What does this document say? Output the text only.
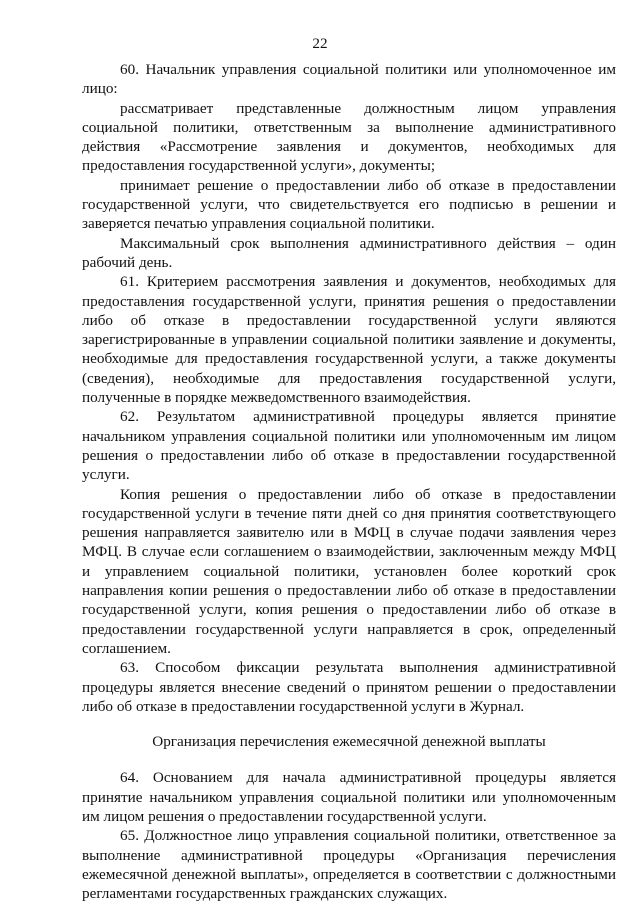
22

60. Начальник управления социальной политики или уполномоченное им лицо:

рассматривает представленные должностным лицом управления социальной политики, ответственным за выполнение административного действия «Рассмотрение заявления и документов, необходимых для предоставления государственной услуги», документы;

принимает решение о предоставлении либо об отказе в предоставлении государственной услуги, что свидетельствуется его подписью в решении и заверяется печатью управления социальной политики.

Максимальный срок выполнения административного действия – один рабочий день.

61. Критерием рассмотрения заявления и документов, необходимых для предоставления государственной услуги, принятия решения о предоставлении либо об отказе в предоставлении государственной услуги являются зарегистрированные в управлении социальной политики заявление и документы, необходимые для предоставления государственной услуги, а также документы (сведения), необходимые для предоставления государственной услуги, полученные в порядке межведомственного взаимодействия.

62. Результатом административной процедуры является принятие начальником управления социальной политики или уполномоченным им лицом решения о предоставлении либо об отказе в предоставлении государственной услуги.

Копия решения о предоставлении либо об отказе в предоставлении государственной услуги в течение пяти дней со дня принятия соответствующего решения направляется заявителю или в МФЦ в случае подачи заявления через МФЦ. В случае если соглашением о взаимодействии, заключенным между МФЦ и управлением социальной политики, установлен более короткий срок направления копии решения о предоставлении либо об отказе в предоставлении государственной услуги, копия решения о предоставлении либо об отказе в предоставлении государственной услуги направляется в срок, определенный соглашением.

63. Способом фиксации результата выполнения административной процедуры является внесение сведений о принятом решении о предоставлении либо об отказе в предоставлении государственной услуги в Журнал.

Организация перечисления ежемесячной денежной выплаты

64. Основанием для начала административной процедуры является принятие начальником управления социальной политики или уполномоченным им лицом решения о предоставлении государственной услуги.

65. Должностное лицо управления социальной политики, ответственное за выполнение административной процедуры «Организация перечисления ежемесячной денежной выплаты», определяется в соответствии с должностными регламентами государственных гражданских служащих.
